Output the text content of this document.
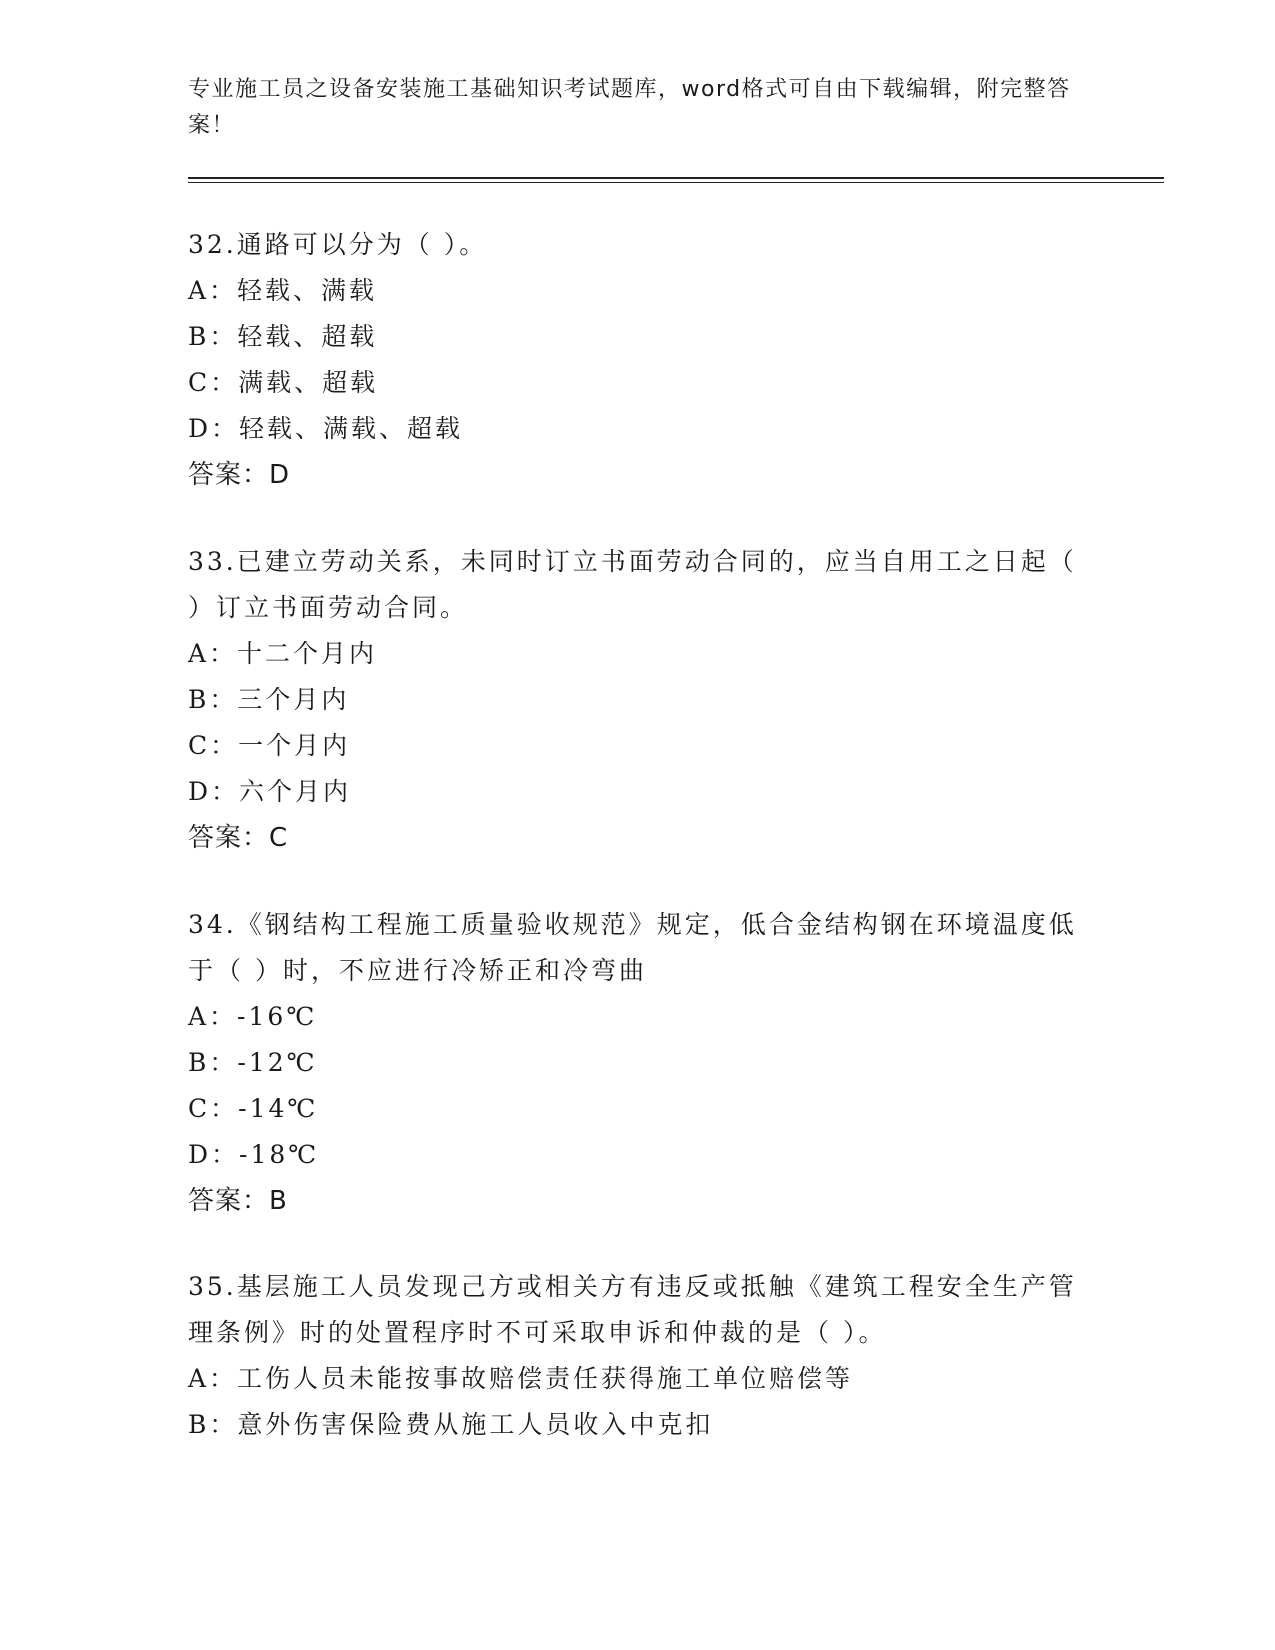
专业施工员之设备安装施工基础知识考试题库，word格式可自由下载编辑，附完整答案！
32.通路可以分为（ ）。
A：轻载、满载
B：轻载、超载
C：满载、超载
D：轻载、满载、超载
答案：D
33.已建立劳动关系，未同时订立书面劳动合同的，应当自用工之日起（ ）订立书面劳动合同。
A：十二个月内
B：三个月内
C：一个月内
D：六个月内
答案：C
34.《钢结构工程施工质量验收规范》规定，低合金结构钢在环境温度低于（ ）时，不应进行冷矫正和冷弯曲
A：-16℃
B：-12℃
C：-14℃
D：-18℃
答案：B
35.基层施工人员发现己方或相关方有违反或抵触《建筑工程安全生产管理条例》时的处置程序时不可采取申诉和仲裁的是（ ）。
A：工伤人员未能按事故赔偿责任获得施工单位赔偿等
B：意外伤害保险费从施工人员收入中克扣
